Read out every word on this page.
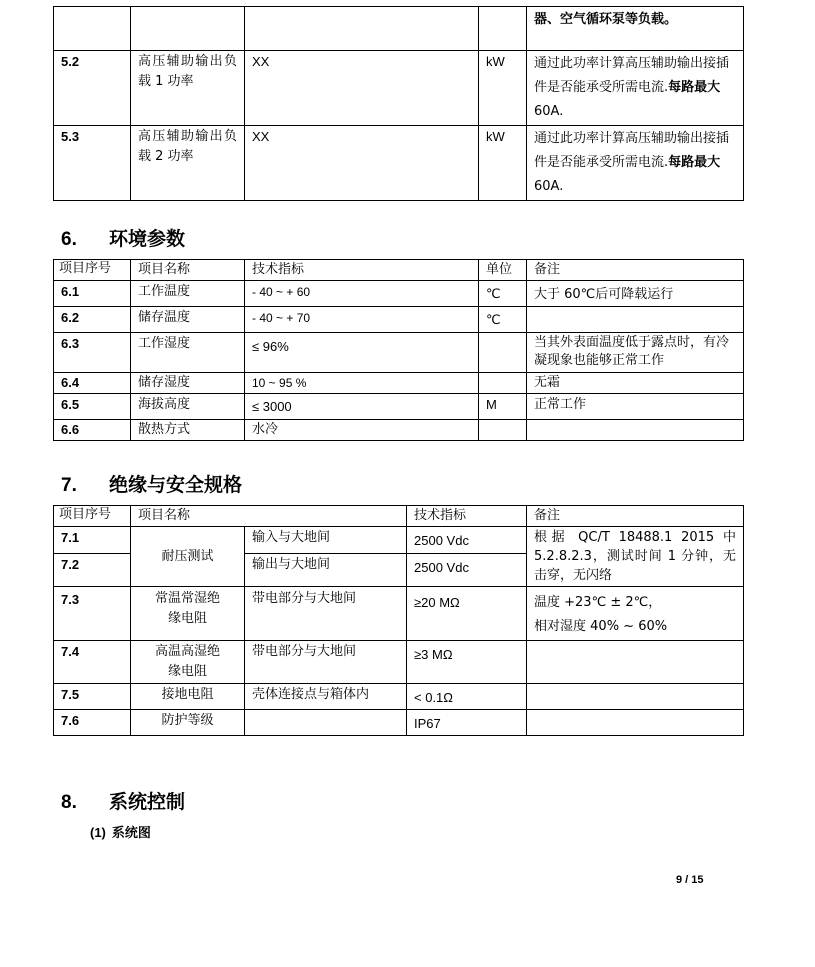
				器、空气循环泵等负载。
5.2	高压辅助输出负载 1 功率	XX	kW	通过此功率计算高压辅助输出接插件是否能承受所需电流.每路最大 60A.
5.3	高压辅助输出负载 2 功率	XX	kW	通过此功率计算高压辅助输出接插件是否能承受所需电流.每路最大 60A.
6. 环境参数
项目序号	项目名称	技术指标	单位	备注
6.1	工作温度	- 40 ~ + 60	℃	大于 60℃后可降载运行
6.2	储存温度	- 40 ~ + 70	℃	
6.3	工作湿度	≤ 96%		当其外表面温度低于露点时，有冷凝现象也能够正常工作
6.4	储存湿度	10 ~ 95 %		无霜
6.5	海拔高度	≤ 3000	M	正常工作
6.6	散热方式	水冷		
7. 绝缘与安全规格
项目序号	项目名称		技术指标	备注
7.1	耐压测试	输入与大地间	2500 Vdc	根据 QC/T 18488.1 2015 中 5.2.8.2.3，测试时间 1 分钟，无击穿，无闪络
7.2		输出与大地间	2500 Vdc	
7.3	常温常湿绝缘电阻	带电部分与大地间	≥20 MΩ	温度 +23℃ ± 2℃，
相对湿度 40% ~ 60%

7.4	高温高湿绝缘电阻	带电部分与大地间	≥3 MΩ	
7.5	接地电阻	壳体连接点与箱体内	< 0.1Ω	
7.6	防护等级		IP67	
8. 系统控制
(1) 系统图
9 / 15
